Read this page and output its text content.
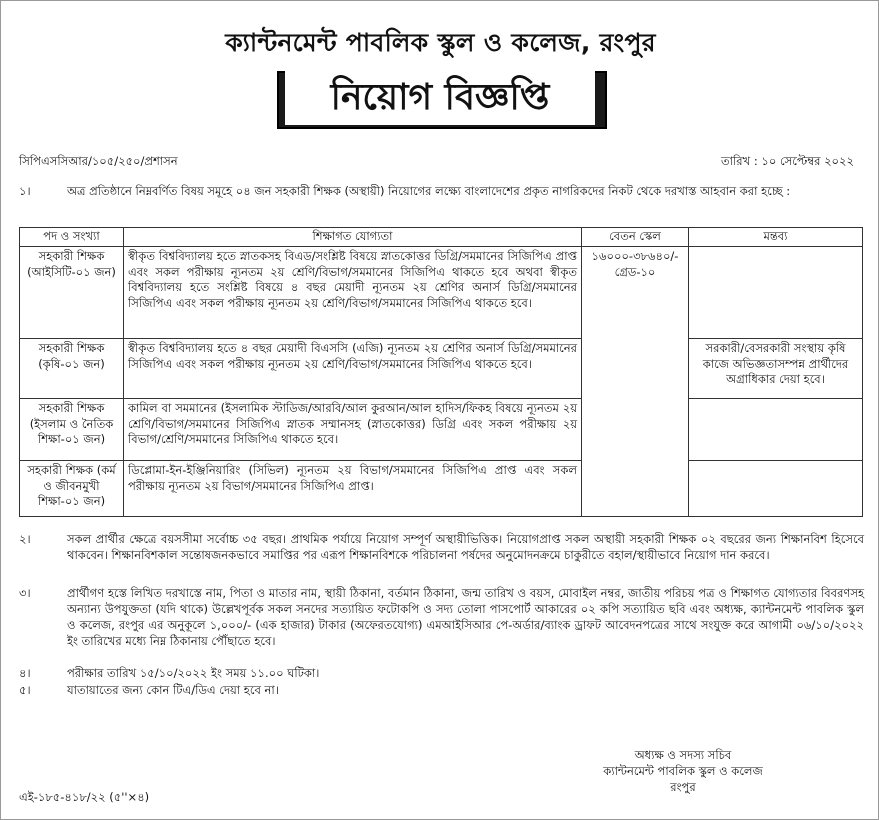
ক্যান্টনমেন্ট পাবলিক স্কুল ও কলেজ, রংপুর
নিয়োগ বিজ্ঞপ্তি
সিপিএসসিআর/১০৫/২৫০/প্রশাসন	তারিখ : ১০ সেপ্টেম্বর ২০২২
১।	অত্র প্রতিষ্ঠানে নিম্নবর্ণিত বিষয় সমূহে ০৪ জন সহকারী শিক্ষক (অস্থায়ী) নিয়োগের লক্ষ্যে বাংলাদেশের প্রকৃত নাগরিকদের নিকট থেকে দরখাস্ত আহবান করা হচ্ছে :
পদ ও সংখ্যা	শিক্ষাগত যোগ্যতা	বেতন স্কেল	মন্তব্য
সহকারী শিক্ষক (আইসিটি-০১ জন)	স্বীকৃত বিশ্ববিদ্যালয় হতে স্নাতকসহ বিএড/সংশ্লিষ্ট বিষয়ে স্নাতকোত্তর ডিগ্রি/সমমানের সিজিপিএ প্রাপ্ত এবং সকল পরীক্ষায় ন্যূনতম ২য় শ্রেণি/বিভাগ/সমমানের সিজিপিএ থাকতে হবে অথবা স্বীকৃত বিশ্ববিদ্যালয় হতে সংশ্লিষ্ট বিষয়ে ৪ বছর মেয়াদী ন্যূনতম ২য় শ্রেণির অনার্স ডিগ্রি/সমমানের সিজিপিএ এবং সকল পরীক্ষায় ন্যূনতম ২য় শ্রেণি/বিভাগ/সমমানের সিজিপিএ থাকতে হবে।	১৬০০০-৩৮৬৪০/-
গ্রেড-১০	

সহকারী শিক্ষক (কৃষি-০১ জন)	স্বীকৃত বিশ্ববিদ্যালয় হতে ৪ বছর মেয়াদী বিএসসি (এজি) ন্যূনতম ২য় শ্রেণির অনার্স ডিগ্রি/সমমানের সিজিপিএ এবং সকল পরীক্ষায় ন্যূনতম ২য় শ্রেণি/বিভাগ/সমমানের সিজিপিএ থাকতে হবে।		সরকারী/বেসরকারী সংস্থায় কৃষি কাজে অভিজ্ঞতাসম্পন্ন প্রার্থীদের অগ্রাধিকার দেয়া হবে।
সহকারী শিক্ষক (ইসলাম ও নৈতিক শিক্ষা-০১ জন)	কামিল বা সমমানের (ইসলামিক স্টাডিজ/আরবি/আল কুরআন/আল হাদিস/ফিকহ বিষয়ে ন্যূনতম ২য় শ্রেণি/বিভাগ/সমমানের সিজিপিএ স্নাতক সম্মানসহ (স্নাতকোত্তর) ডিগ্রি এবং সকল পরীক্ষায় ২য় বিভাগ/শ্রেণি/সমমানের সিজিপিএ থাকতে হবে।		
সহকারী শিক্ষক (কর্ম ও জীবনমুখী শিক্ষা-০১ জন)	ডিপ্লোমা-ইন-ইঞ্জিনিয়ারিং (সিভিল) ন্যূনতম ২য় বিভাগ/সমমানের সিজিপিএ প্রাপ্ত এবং সকল পরীক্ষায় ন্যূনতম ২য় বিভাগ/সমমানের সিজিপিএ প্রাপ্ত।		
২।	সকল প্রার্থীর ক্ষেত্রে বয়সসীমা সর্বোচ্চ ৩৫ বছর। প্রাথমিক পর্যায়ে নিয়োগ সম্পূর্ণ অস্থায়ীভিত্তিক। নিয়োগপ্রাপ্ত সকল অস্থায়ী সহকারী শিক্ষক ০২ বছরের জন্য শিক্ষানবিশ হিসেবে থাকবেন। শিক্ষানবিশকাল সন্তোষজনকভাবে সমাপ্তির পর এরূপ শিক্ষানবিশকে পরিচালনা পর্ষদের অনুমোদনক্রমে চাকুরীতে বহাল/স্থায়ীভাবে নিয়োগ দান করবে।
৩।	প্রার্থীগণ হস্তে লিখিত দরখাস্তে নাম, পিতা ও মাতার নাম, স্থায়ী ঠিকানা, বর্তমান ঠিকানা, জন্ম তারিখ ও বয়স, মোবাইল নম্বর, জাতীয় পরিচয় পত্র ও শিক্ষাগত যোগ্যতার বিবরণসহ অন্যান্য উপযুক্ততা (যদি থাকে) উল্লেখপূর্বক সকল সনদের সত্যায়িত ফটোকপি ও সদ্য তোলা পাসপোর্ট আকারের ০২ কপি সত্যায়িত ছবি এবং অধ্যক্ষ, ক্যান্টনমেন্ট পাবলিক স্কুল ও কলেজ, রংপুর এর অনুকূলে ১,০০০/- (এক হাজার) টাকার (অফেরতযোগ্য) এমআইসিআর পে-অর্ডার/ব্যাংক ড্রাফট আবেদনপত্রের সাথে সংযুক্ত করে আগামী ০৬/১০/২০২২ ইং তারিখের মধ্যে নিম্ন ঠিকানায় পৌঁছাতে হবে।
৪।	পরীক্ষার তারিখ ১৫/১০/২০২২ ইং সময় ১১.০০ ঘটিকা।
৫।	যাতায়াতের জন্য কোন টিএ/ডিএ দেয়া হবে না।
অধ্যক্ষ ও সদস্য সচিব
ক্যান্টনমেন্ট পাবলিক স্কুল ও কলেজ
রংপুর
এই-১৮৫-৪১৮/২২ (৫''×৪)
